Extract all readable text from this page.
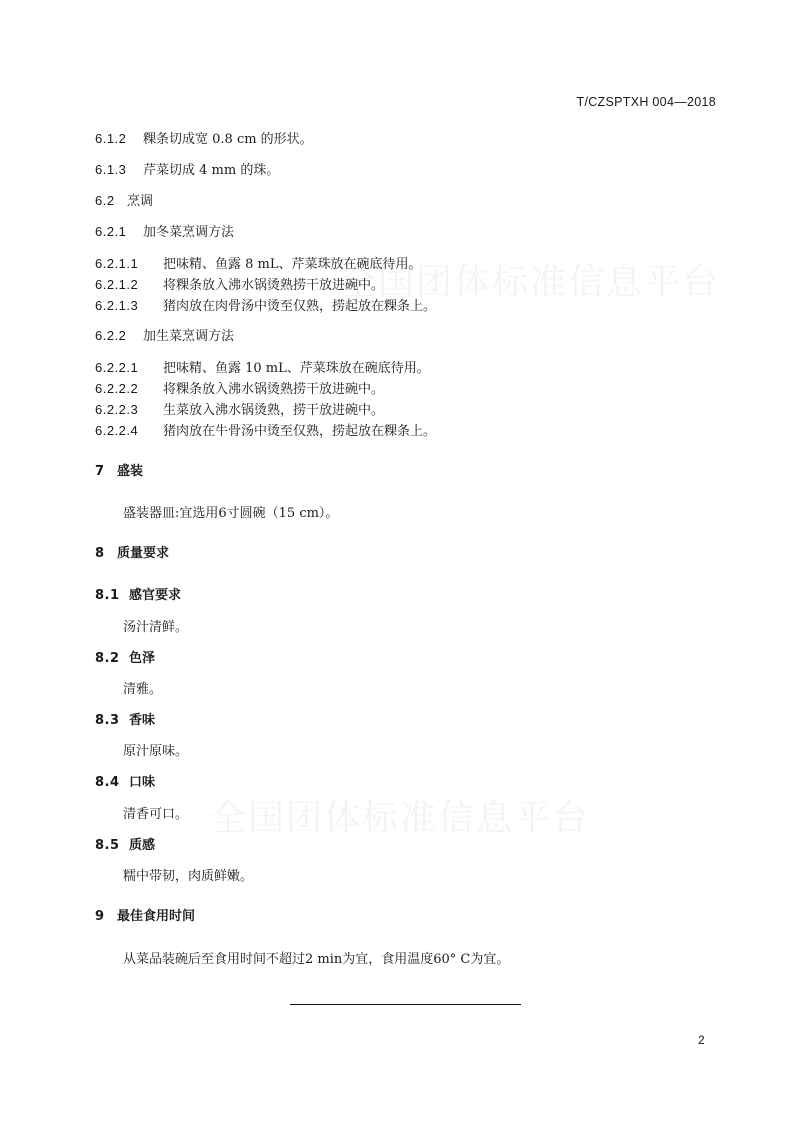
T/CZSPTXH 004—2018
全国团体标准信息平台
全国团体标准信息平台
6.1.2 粿条切成宽 0.8 cm 的形状。
6.1.3 芹菜切成 4 mm 的珠。
6.2 烹调
6.2.1 加冬菜烹调方法
6.2.1.1 把味精、鱼露 8 mL、芹菜珠放在碗底待用。
6.2.1.2 将粿条放入沸水锅烫熟捞干放进碗中。
6.2.1.3 猪肉放在肉骨汤中烫至仅熟，捞起放在粿条上。
6.2.2 加生菜烹调方法
6.2.2.1 把味精、鱼露 10 mL、芹菜珠放在碗底待用。
6.2.2.2 将粿条放入沸水锅烫熟捞干放进碗中。
6.2.2.3 生菜放入沸水锅烫熟，捞干放进碗中。
6.2.2.4 猪肉放在牛骨汤中烫至仅熟，捞起放在粿条上。
7 盛装
盛装器皿:宜选用6寸圆碗（15 cm）。
8 质量要求
8.1 感官要求
汤汁清鲜。
8.2 色泽
清雅。
8.3 香味
原汁原味。
8.4 口味
清香可口。
8.5 质感
糯中带韧，肉质鲜嫩。
9 最佳食用时间
从菜品装碗后至食用时间不超过2 min为宜，食用温度60° C为宜。
2
